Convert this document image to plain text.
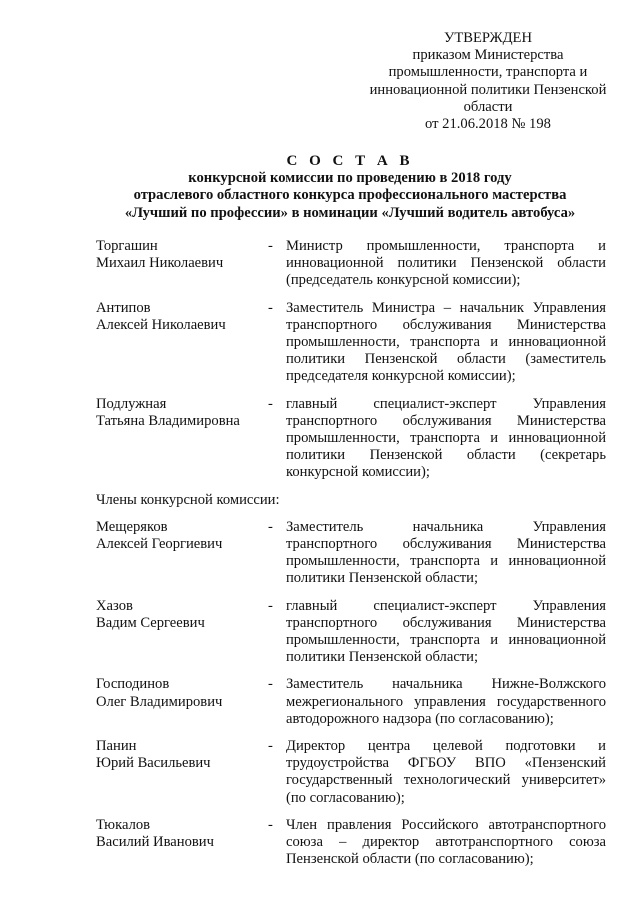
УТВЕРЖДЕН
приказом Министерства
промышленности, транспорта и
инновационной политики Пензенской
области
от 21.06.2018 № 198
С О С Т А В
конкурсной комиссии по проведению в 2018 году
отраслевого областного конкурса профессионального мастерства
«Лучший по профессии» в номинации «Лучший водитель автобуса»
Торгашин
Михаил Николаевич
- Министр промышленности, транспорта и инновационной политики Пензенской области (председатель конкурсной комиссии);
Антипов
Алексей Николаевич
- Заместитель Министра – начальник Управления транспортного обслуживания Министерства промышленности, транспорта и инновационной политики Пензенской области (заместитель председателя конкурсной комиссии);
Подлужная
Татьяна Владимировна
- главный специалист-эксперт Управления транспортного обслуживания Министерства промышленности, транспорта и инновационной политики Пензенской области (секретарь конкурсной комиссии);
Члены конкурсной комиссии:
Мещеряков
Алексей Георгиевич
- Заместитель начальника Управления транспортного обслуживания Министерства промышленности, транспорта и инновационной политики Пензенской области;
Хазов
Вадим Сергеевич
- главный специалист-эксперт Управления транспортного обслуживания Министерства промышленности, транспорта и инновационной политики Пензенской области;
Господинов
Олег Владимирович
- Заместитель начальника Нижне-Волжского межрегионального управления государственного автодорожного надзора (по согласованию);
Панин
Юрий Васильевич
- Директор центра целевой подготовки и трудоустройства ФГБОУ ВПО «Пензенский государственный технологический университет» (по согласованию);
Тюкалов
Василий Иванович
- Член правления Российского автотранспортного союза – директор автотранспортного союза Пензенской области (по согласованию);
